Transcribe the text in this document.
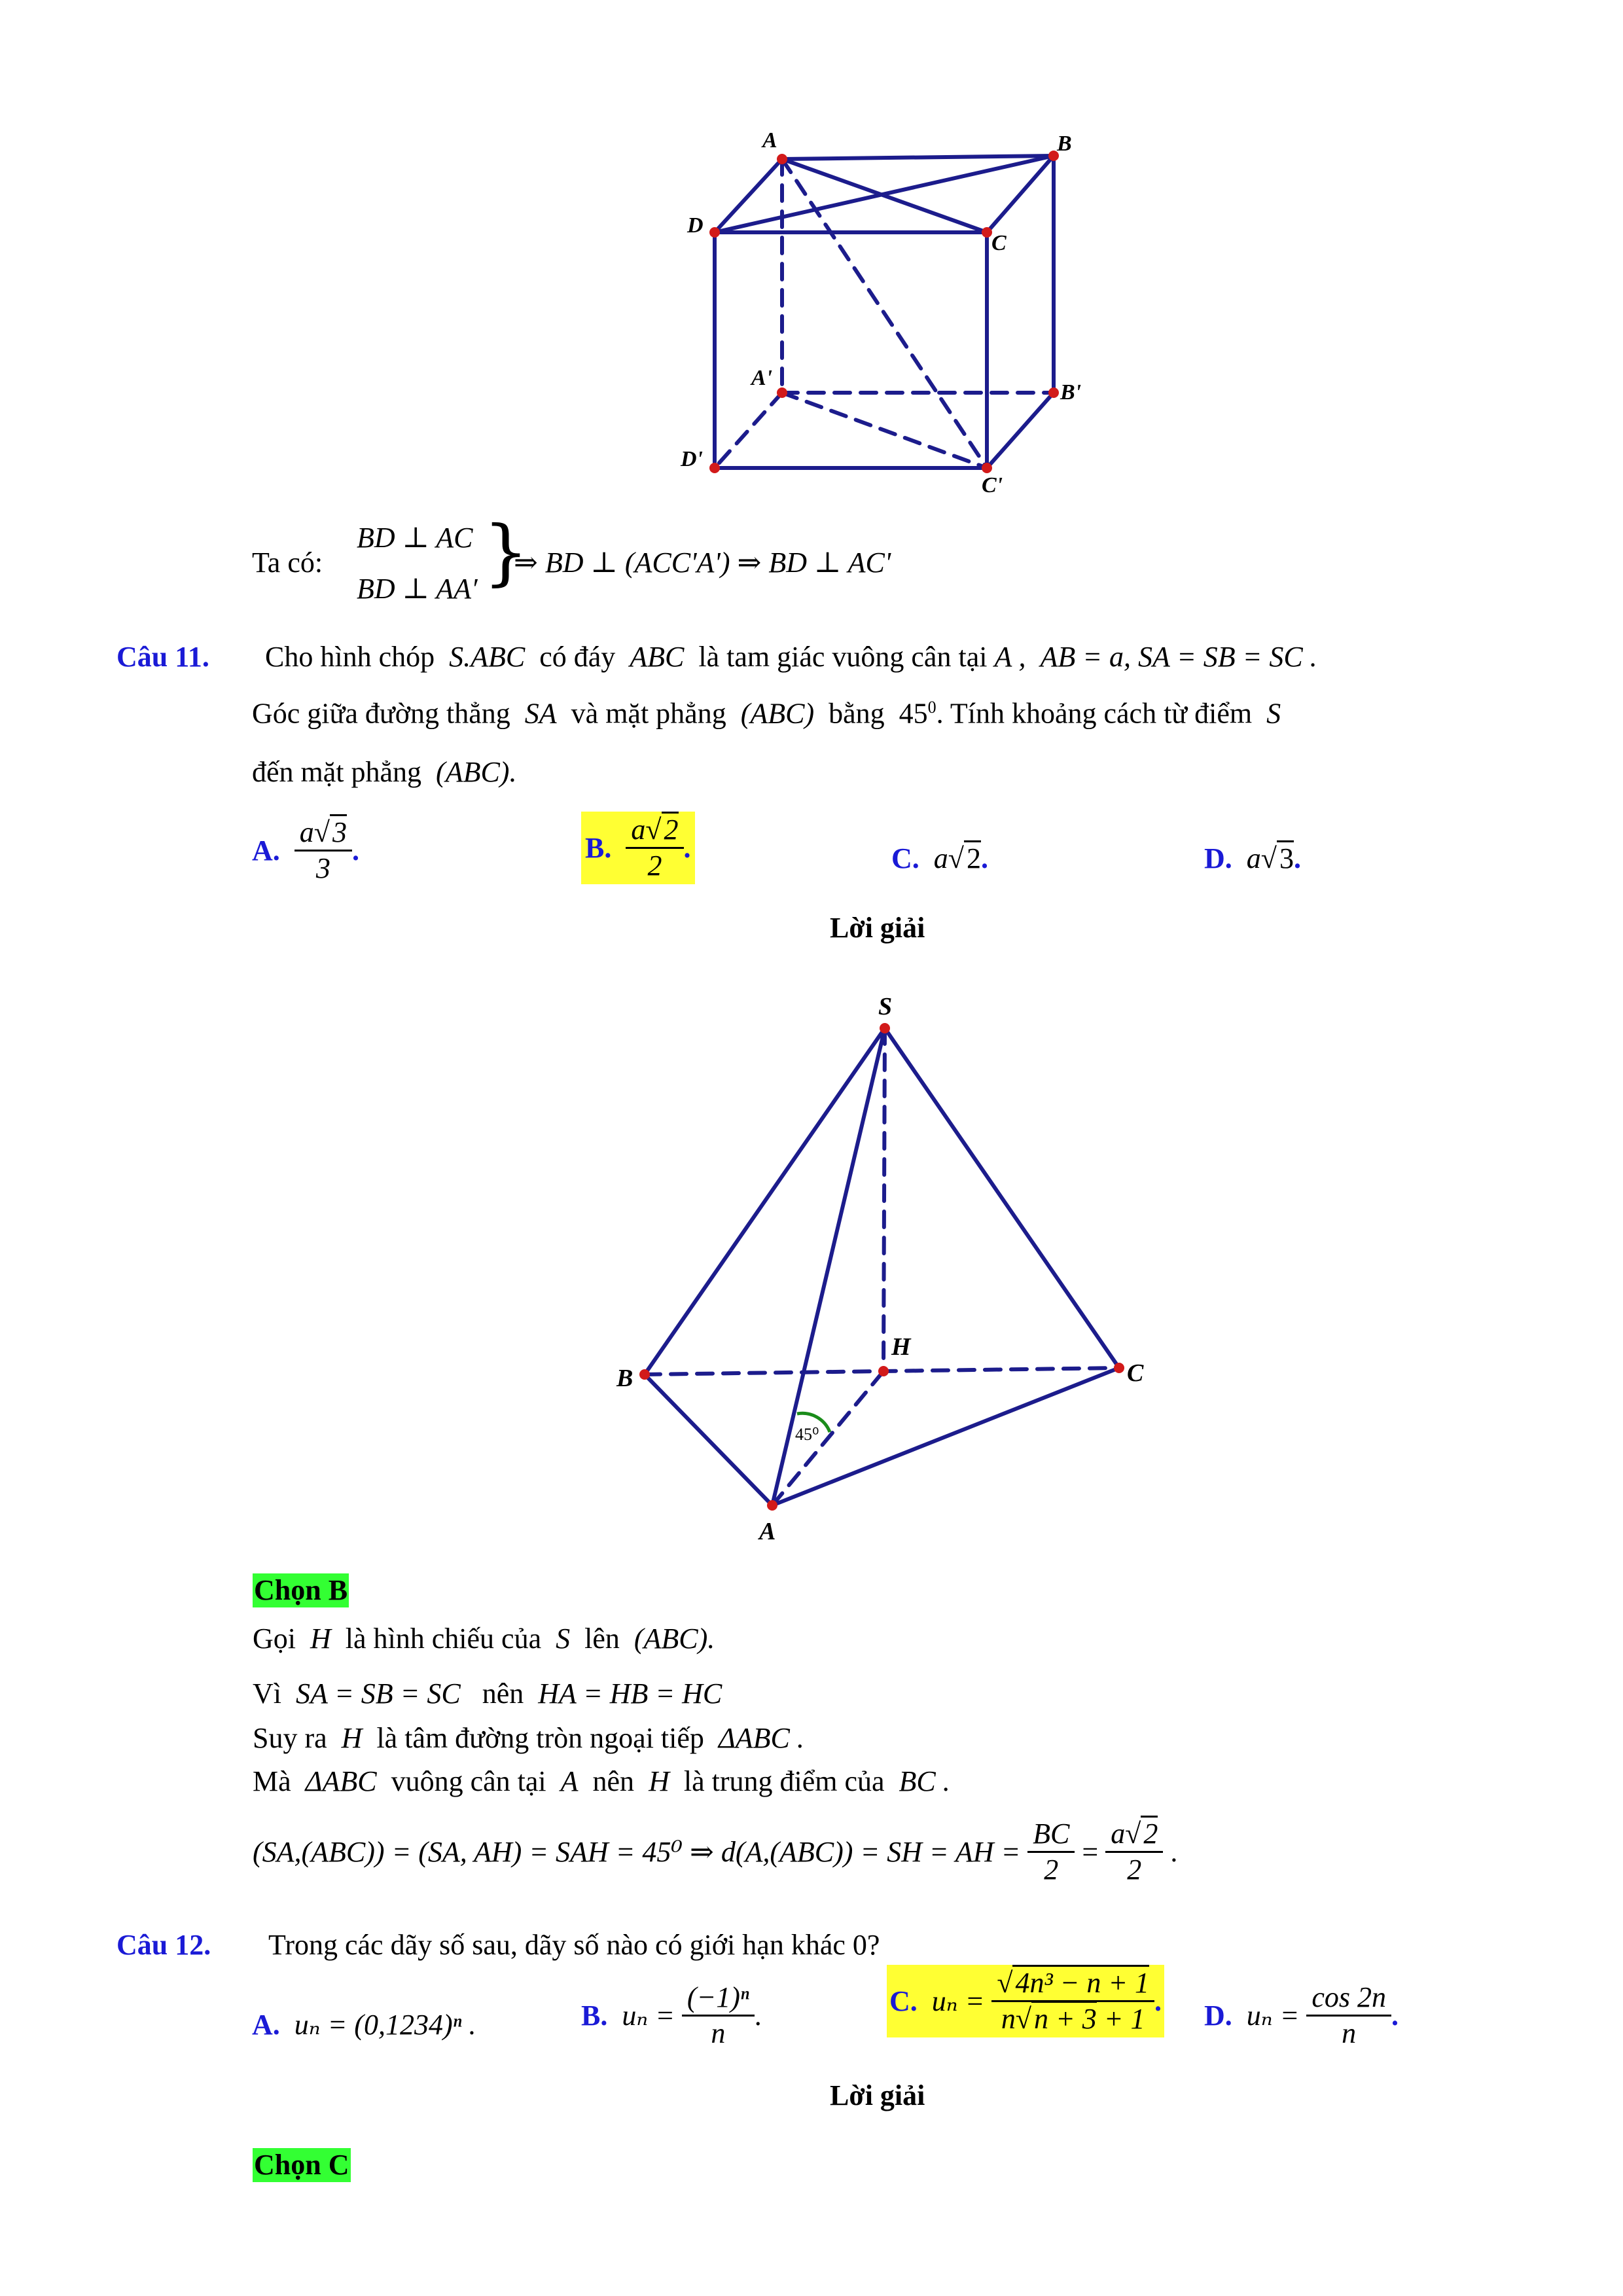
A	B
C
D
A'
B'
C'
D'
Ta có:
BD ⊥ AC
BD ⊥ AA′ }
⇒ BD ⊥ (ACC'A') ⇒ BD ⊥ AC'
Câu 11. Cho hình chóp S.ABC có đáy ABC là tam giác vuông cân tại A , AB = a, SA = SB = SC .
Góc giữa đường thẳng SA và mặt phẳng (ABC) bằng $45^0$. Tính khoảng cách từ điểm S
đến mặt phẳng (ABC).
A.
$\frac{a√3}{3}$ .	B.
$\frac{a√2}{2}$ .	C. a√2.	D. a√3.
Lời giải
S
B	C
H
A
45⁰
Chọn B
Gọi H là hình chiếu của S lên (ABC).
Vì SA = SB = SC nên HA = HB = HC
Suy ra H là tâm đường tròn ngoại tiếp ΔABC .
Mà ΔABC vuông cân tại A nên H là trung điểm của BC .
(SA,(ABC)) = (SA, AH) = SAH = 45⁰ ⇒ d(A,(ABC)) = SH = AH =
$\frac{BC}{2}$
=
$\frac{a√2}{2}$
.
Câu 12. Trong các dãy số sau, dãy số nào có giới hạn khác 0?
A. uₙ = (0,1234)ⁿ .	B.
uₙ =
$\frac{\text{(−1)ⁿ}}{n}$ .	C.
uₙ =
$\frac{\text{√4n³ − n + 1}}{n√n + 3 + 1}$ . D.
uₙ =
$\frac{\cos 2n}{n}$ .
Lời giải
Chọn C
